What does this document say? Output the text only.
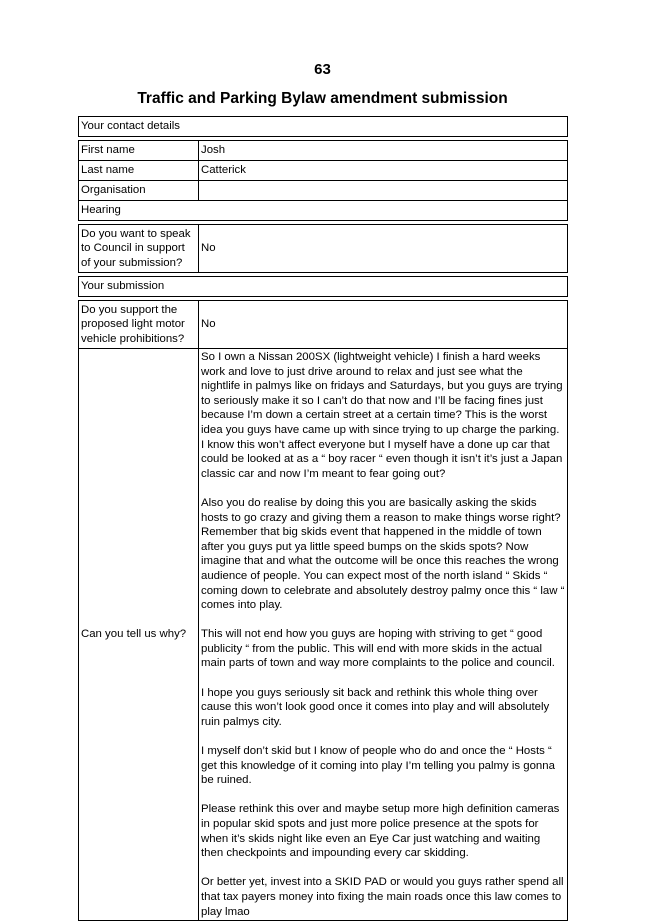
63
Traffic and Parking Bylaw amendment submission
Your contact details
First name	Josh
Last name	Catterick
Organisation
Hearing
Do you want to speak to Council in support of your submission?
No
Your submission
Do you support the proposed light motor vehicle prohibitions?
No
Can you tell us why?

So I own a Nissan 200SX (lightweight vehicle) I finish a hard weeks work and love to just drive around to relax and just see what the nightlife in palmys like on fridays and Saturdays, but you guys are trying to seriously make it so I can’t do that now and I’ll be facing fines just because I’m down a certain street at a certain time? This is the worst idea you guys have came up with since trying to up charge the parking. I know this won’t affect everyone but I myself have a done up car that could be looked at as a “ boy racer “ even though it isn’t it’s just a Japan classic car and now I’m meant to fear going out?

Also you do realise by doing this you are basically asking the skids hosts to go crazy and giving them a reason to make things worse right? Remember that big skids event that happened in the middle of town after you guys put ya little speed bumps on the skids spots? Now imagine that and what the outcome will be once this reaches the wrong audience of people. You can expect most of the north island “ Skids “ coming down to celebrate and absolutely destroy palmy once this “ law “ comes into play.

This will not end how you guys are hoping with striving to get “ good publicity “ from the public. This will end with more skids in the actual main parts of town and way more complaints to the police and council.

I hope you guys seriously sit back and rethink this whole thing over cause this won’t look good once it comes into play and will absolutely ruin palmys city.

I myself don’t skid but I know of people who do and once the “ Hosts “ get this knowledge of it coming into play I’m telling you palmy is gonna be ruined.

Please rethink this over and maybe setup more high definition cameras in popular skid spots and just more police presence at the spots for when it’s skids night like even an Eye Car just watching and waiting then checkpoints and impounding every car skidding.

Or better yet, invest into a SKID PAD or would you guys rather spend all that tax payers money into fixing the main roads once this law comes to play lmao
